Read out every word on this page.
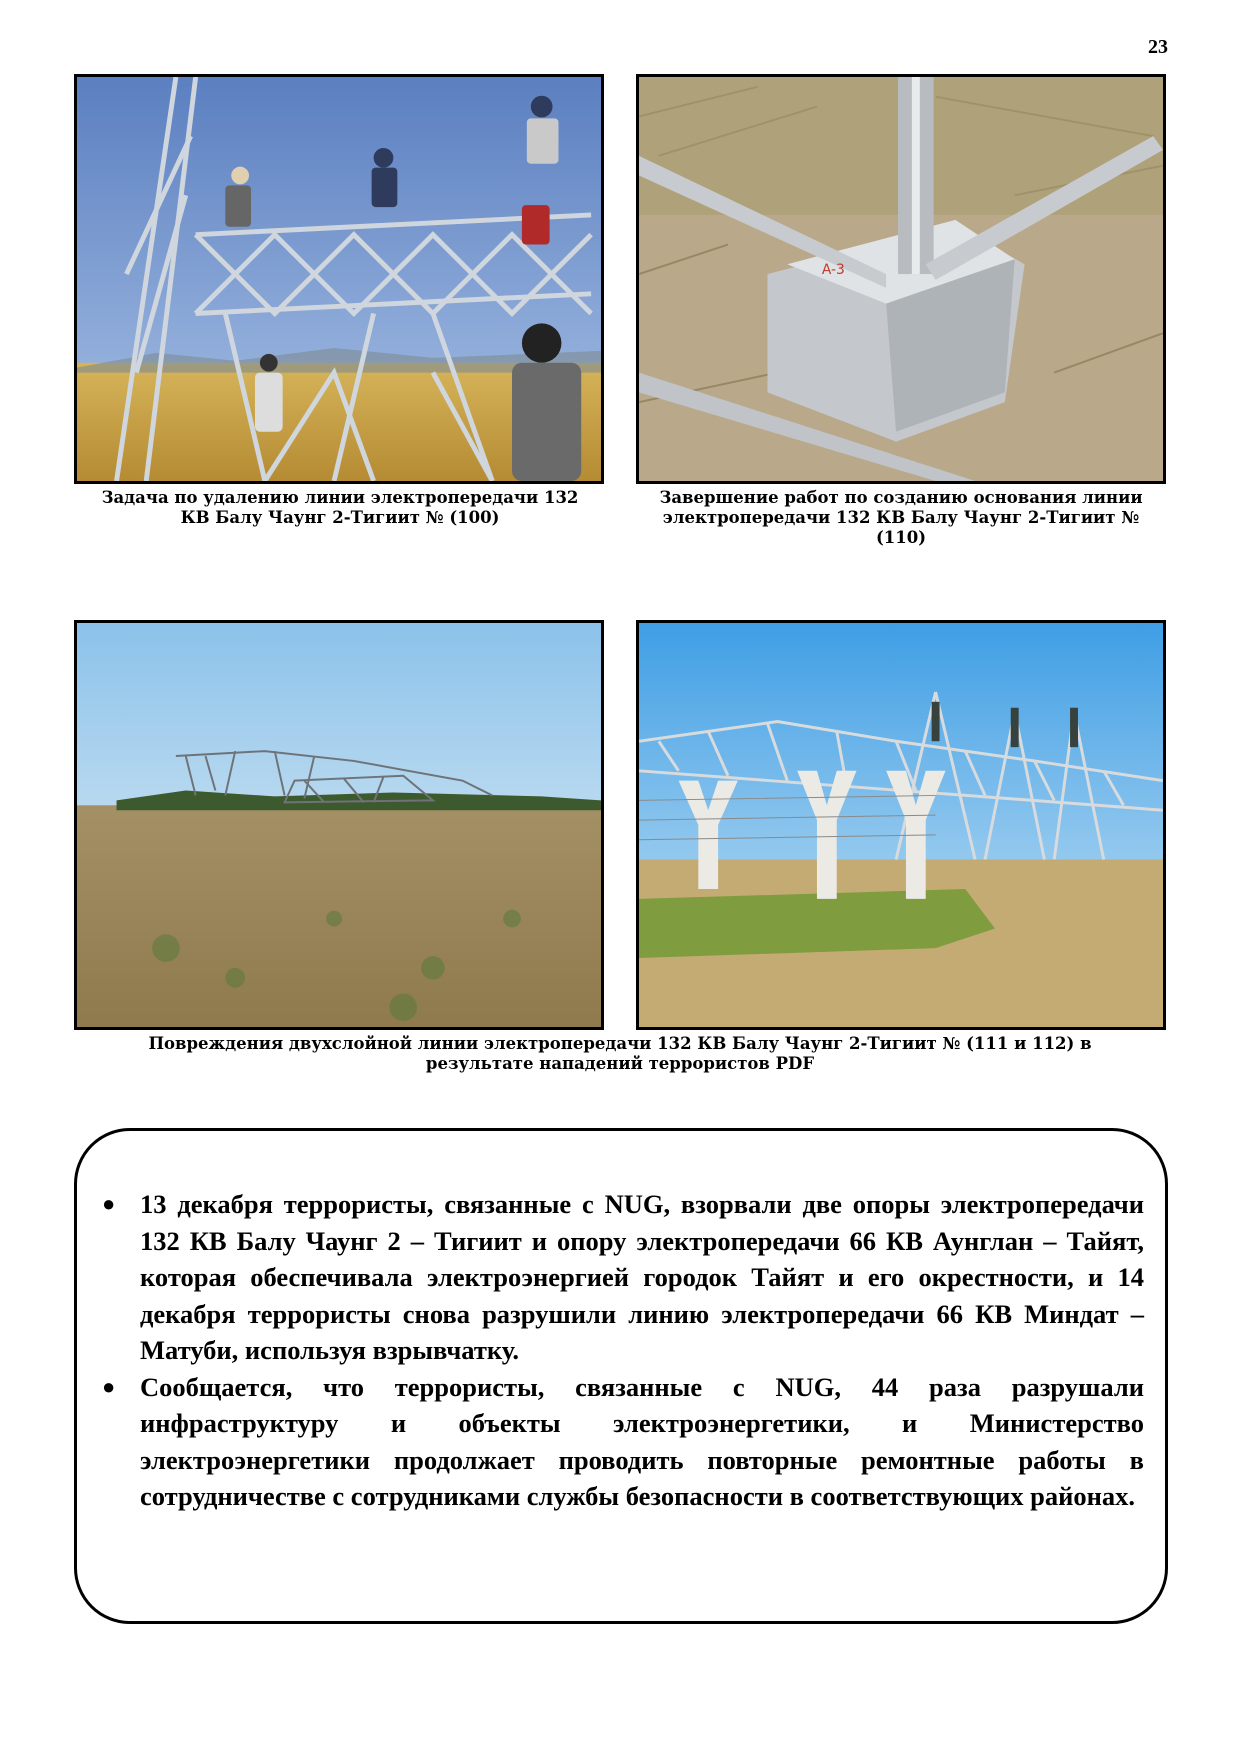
23
A-3
Задача по удалению линии электропередачи 132 КВ Балу Чаунг 2-Тигиит № (100)
Завершение работ по созданию основания линии электропередачи 132 КВ Балу Чаунг 2-Тигиит № (110)
Повреждения двухслойной линии электропередачи 132 КВ Балу Чаунг 2-Тигиит № (111 и 112) в результате нападений террористов PDF
● 13 декабря террористы, связанные с NUG, взорвали две опоры электропередачи 132 КВ Балу Чаунг 2 – Тигиит и опору электропередачи 66 КВ Аунглан – Тайят, которая обеспечивала электроэнергией городок Тайят и его окрестности, и 14 декабря террористы снова разрушили линию электропередачи 66 КВ Миндат – Матуби, используя взрывчатку.
● Сообщается, что террористы, связанные с NUG, 44 раза разрушали инфраструктуру и объекты электроэнергетики, и Министерство электроэнергетики продолжает проводить повторные ремонтные работы в сотрудничестве с сотрудниками службы безопасности в соответствующих районах.
